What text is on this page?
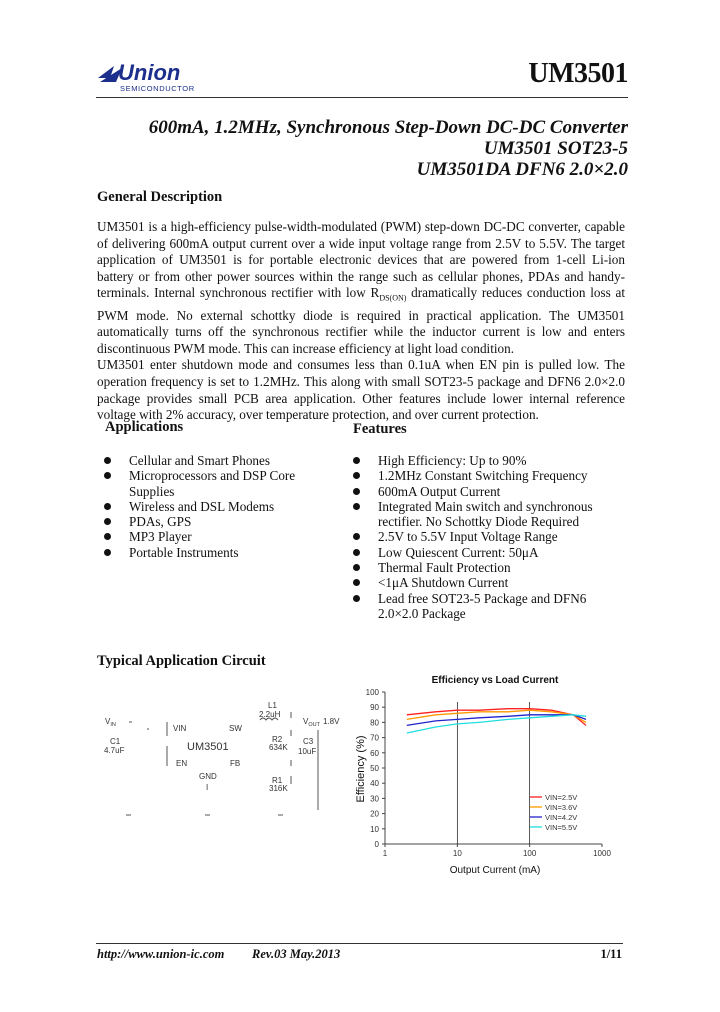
Union
SEMICONDUCTOR	UM3501
600mA, 1.2MHz, Synchronous Step-Down DC-DC Converter
UM3501 SOT23-5
UM3501DA DFN6 2.0×2.0
General Description

UM3501 is a high-efficiency pulse-width-modulated (PWM) step-down DC-DC converter, capable of delivering 600mA output current over a wide input voltage range from 2.5V to 5.5V. The target application of UM3501 is for portable electronic devices that are powered from 1-cell Li-ion battery or from other power sources within the range such as cellular phones, PDAs and handy-terminals. Internal synchronous rectifier with low $R_{DS(ON)}$ dramatically reduces conduction loss at PWM mode. No external schottky diode is required in practical application. The UM3501 automatically turns off the synchronous rectifier while the inductor current is low and enters discontinuous PWM mode. This can increase efficiency at light load condition.

UM3501 enter shutdown mode and consumes less than 0.1uA when EN pin is pulled low. The operation frequency is set to 1.2MHz. This along with small SOT23-5 package and DFN6 2.0×2.0 package provides small PCB area application. Other features include lower internal reference voltage with 2% accuracy, over temperature protection, and over current protection.

Applications
Cellular and Smart Phones
Microprocessors and DSP Core Supplies
Wireless and DSL Modems
PDAs, GPS
MP3 Player
Portable Instruments
Features
High Efficiency: Up to 90%
1.2MHz Constant Switching Frequency
600mA Output Current
Integrated Main switch and synchronous rectifier. No Schottky Diode Required
2.5V to 5.5V Input Voltage Range
Low Quiescent Current: 50μA
Thermal Fault Protection
<1μA Shutdown Current
Lead free SOT23-5 Package and DFN6 2.0×2.0 Package
Typical Application Circuit
$V_{IN}$
C1
4.7uF
VIN	SW
UM3501
EN	FB
GND
I
L1
2.2uH
$V_{OUT}$ 1.8V
C3
10uF
R2
634K
R1
316K
Efficiency vs Load Current
Output Current (mA)
Efficiency (%)
0
10
20
30
40
50
60
70
80
90
100
1	10	100	1000
VIN=2.5V
VIN=3.6V
VIN=4.2V
VIN=5.5V
http://www.union-ic.com Rev.03 May.2013	1/11
